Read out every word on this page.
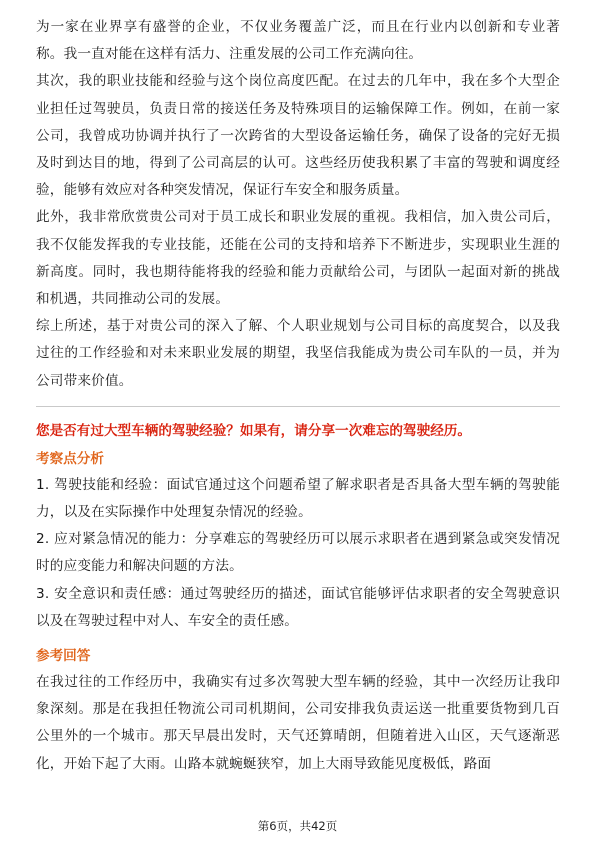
为一家在业界享有盛誉的企业，不仅业务覆盖广泛，而且在行业内以创新和专业著称。我一直对能在这样有活力、注重发展的公司工作充满向往。

其次，我的职业技能和经验与这个岗位高度匹配。在过去的几年中，我在多个大型企业担任过驾驶员，负责日常的接送任务及特殊项目的运输保障工作。例如，在前一家公司，我曾成功协调并执行了一次跨省的大型设备运输任务，确保了设备的完好无损及时到达目的地，得到了公司高层的认可。这些经历使我积累了丰富的驾驶和调度经验，能够有效应对各种突发情况，保证行车安全和服务质量。

此外，我非常欣赏贵公司对于员工成长和职业发展的重视。我相信，加入贵公司后，我不仅能发挥我的专业技能，还能在公司的支持和培养下不断进步，实现职业生涯的新高度。同时，我也期待能将我的经验和能力贡献给公司，与团队一起面对新的挑战和机遇，共同推动公司的发展。

综上所述，基于对贵公司的深入了解、个人职业规划与公司目标的高度契合，以及我过往的工作经验和对未来职业发展的期望，我坚信我能成为贵公司车队的一员，并为公司带来价值。

您是否有过大型车辆的驾驶经验？如果有，请分享一次难忘的驾驶经历。

考察点分析

1. 驾驶技能和经验：面试官通过这个问题希望了解求职者是否具备大型车辆的驾驶能力，以及在实际操作中处理复杂情况的经验。

2. 应对紧急情况的能力：分享难忘的驾驶经历可以展示求职者在遇到紧急或突发情况时的应变能力和解决问题的方法。

3. 安全意识和责任感：通过驾驶经历的描述，面试官能够评估求职者的安全驾驶意识以及在驾驶过程中对人、车安全的责任感。

参考回答

在我过往的工作经历中，我确实有过多次驾驶大型车辆的经验，其中一次经历让我印象深刻。那是在我担任物流公司司机期间，公司安排我负责运送一批重要货物到几百公里外的一个城市。那天早晨出发时，天气还算晴朗，但随着进入山区，天气逐渐恶化，开始下起了大雨。山路本就蜿蜒狭窄，加上大雨导致能见度极低，路面

第6页，共42页
